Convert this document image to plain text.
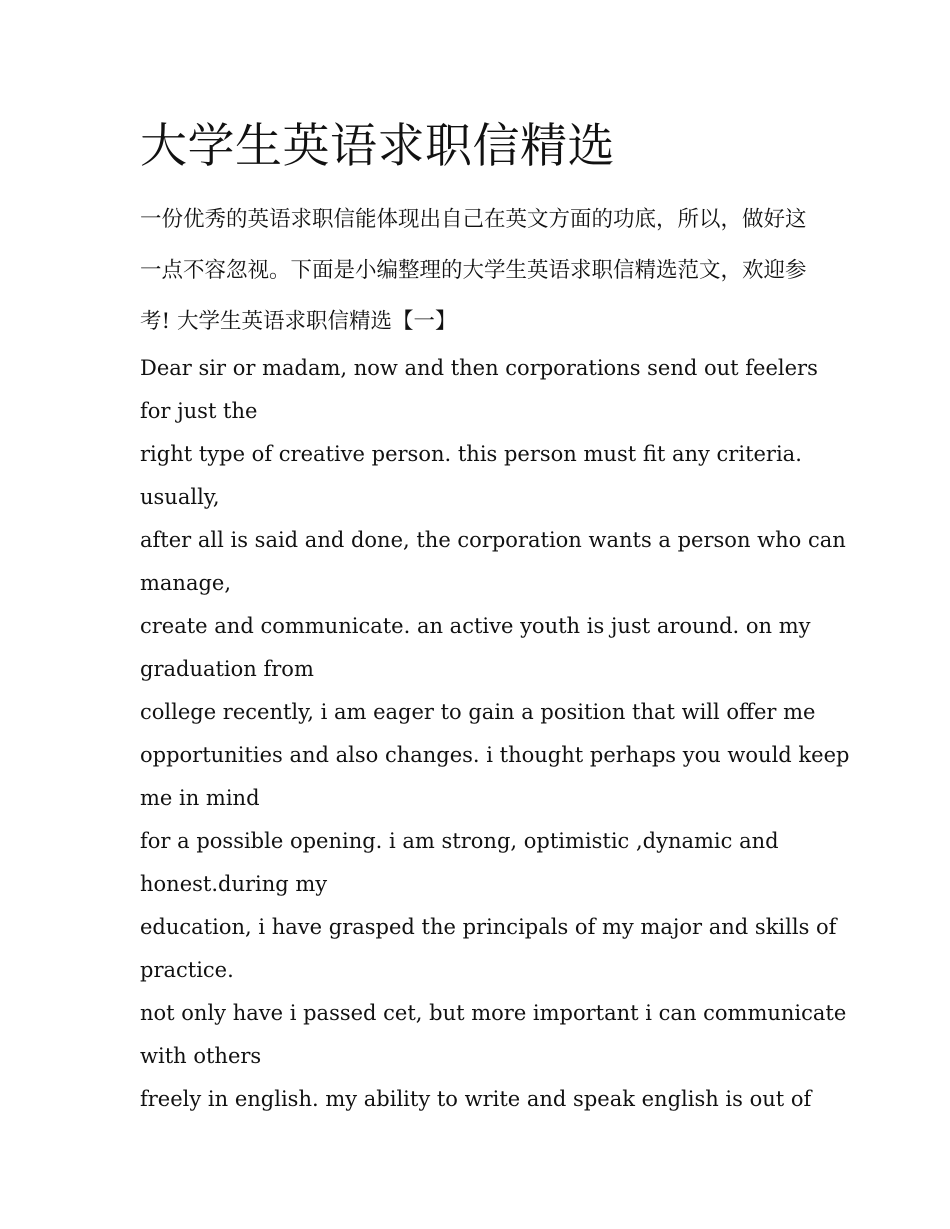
大学生英语求职信精选

一份优秀的英语求职信能体现出自己在英文方面的功底，所以，做好这一点不容忽视。下面是小编整理的大学生英语求职信精选范文，欢迎参考! 大学生英语求职信精选【一】

Dear sir or madam, now and then corporations send out feelers
for just the
right type of creative person. this person must fit any criteria.
usually,
after all is said and done, the corporation wants a person who can
manage,
create and communicate. an active youth is just around. on my
graduation from
college recently, i am eager to gain a position that will offer me
opportunities and also changes. i thought perhaps you would keep
me in mind
for a possible opening. i am strong, optimistic ,dynamic and
honest.during my
education, i have grasped the principals of my major and skills of
practice.
not only have i passed cet, but more important i can communicate
with others
freely in english. my ability to write and speak english is out of
